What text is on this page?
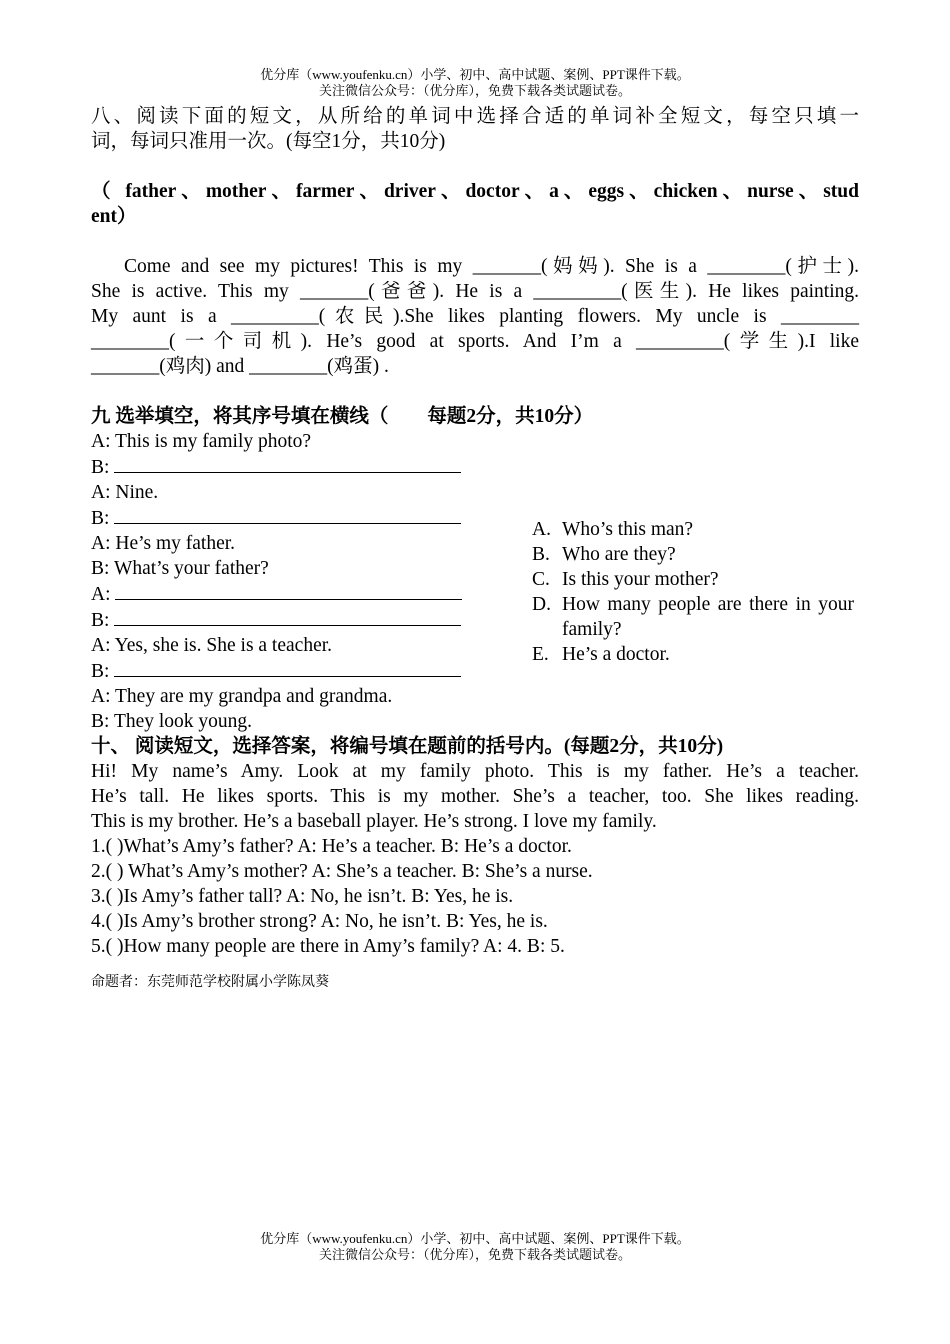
优分库（www.youfenku.cn）小学、初中、高中试题、案例、PPT课件下载。
关注微信公众号：（优分库），免费下载各类试题试卷。
八、阅读下面的短文，从所给的单词中选择合适的单词补全短文，每空只填一
词，每词只准用一次。(每空1分，共10分)
（ father、mother、farmer、driver、doctor、a、eggs、chicken、nurse、stud
ent）
Come and see my pictures! This is my _______(妈妈). She is a ________(护士).
She is active. This my _______(爸爸). He is a _________(医生). He likes painting.
My aunt is a _________(农民).She likes planting flowers. My uncle is ________
________(一个司机). He’s good at sports. And I’m a _________(学生).I like
_______(鸡肉) and ________(鸡蛋) .
九 选举填空，将其序号填在横线（　　每题2分，共10分）
A: This is my family photo?
B:
A: Nine.
B:
A: He’s my father.
B: What’s your father?
A:
B:
A: Yes, she is. She is a teacher.
B:
A: They are my grandpa and grandma.
B: They look young.
A. Who’s this man?
B. Who are they?
C. Is this your mother?
D. How many people are there in your family?
E. He’s a doctor.
十、 阅读短文，选择答案，将编号填在题前的括号内。(每题2分，共10分)
Hi! My name’s Amy. Look at my family photo. This is my father. He’s a teacher.
He’s tall. He likes sports. This is my mother. She’s a teacher, too. She likes reading.
This is my brother. He’s a baseball player. He’s strong. I love my family.
1.( )What’s Amy’s father? A: He’s a teacher. B: He’s a doctor.
2.( ) What’s Amy’s mother? A: She’s a teacher. B: She’s a nurse.
3.( )Is Amy’s father tall? A: No, he isn’t. B: Yes, he is.
4.( )Is Amy’s brother strong? A: No, he isn’t. B: Yes, he is.
5.( )How many people are there in Amy’s family? A: 4. B: 5.
命题者：东莞师范学校附属小学陈凤葵
优分库（www.youfenku.cn）小学、初中、高中试题、案例、PPT课件下载。
关注微信公众号：（优分库），免费下载各类试题试卷。
